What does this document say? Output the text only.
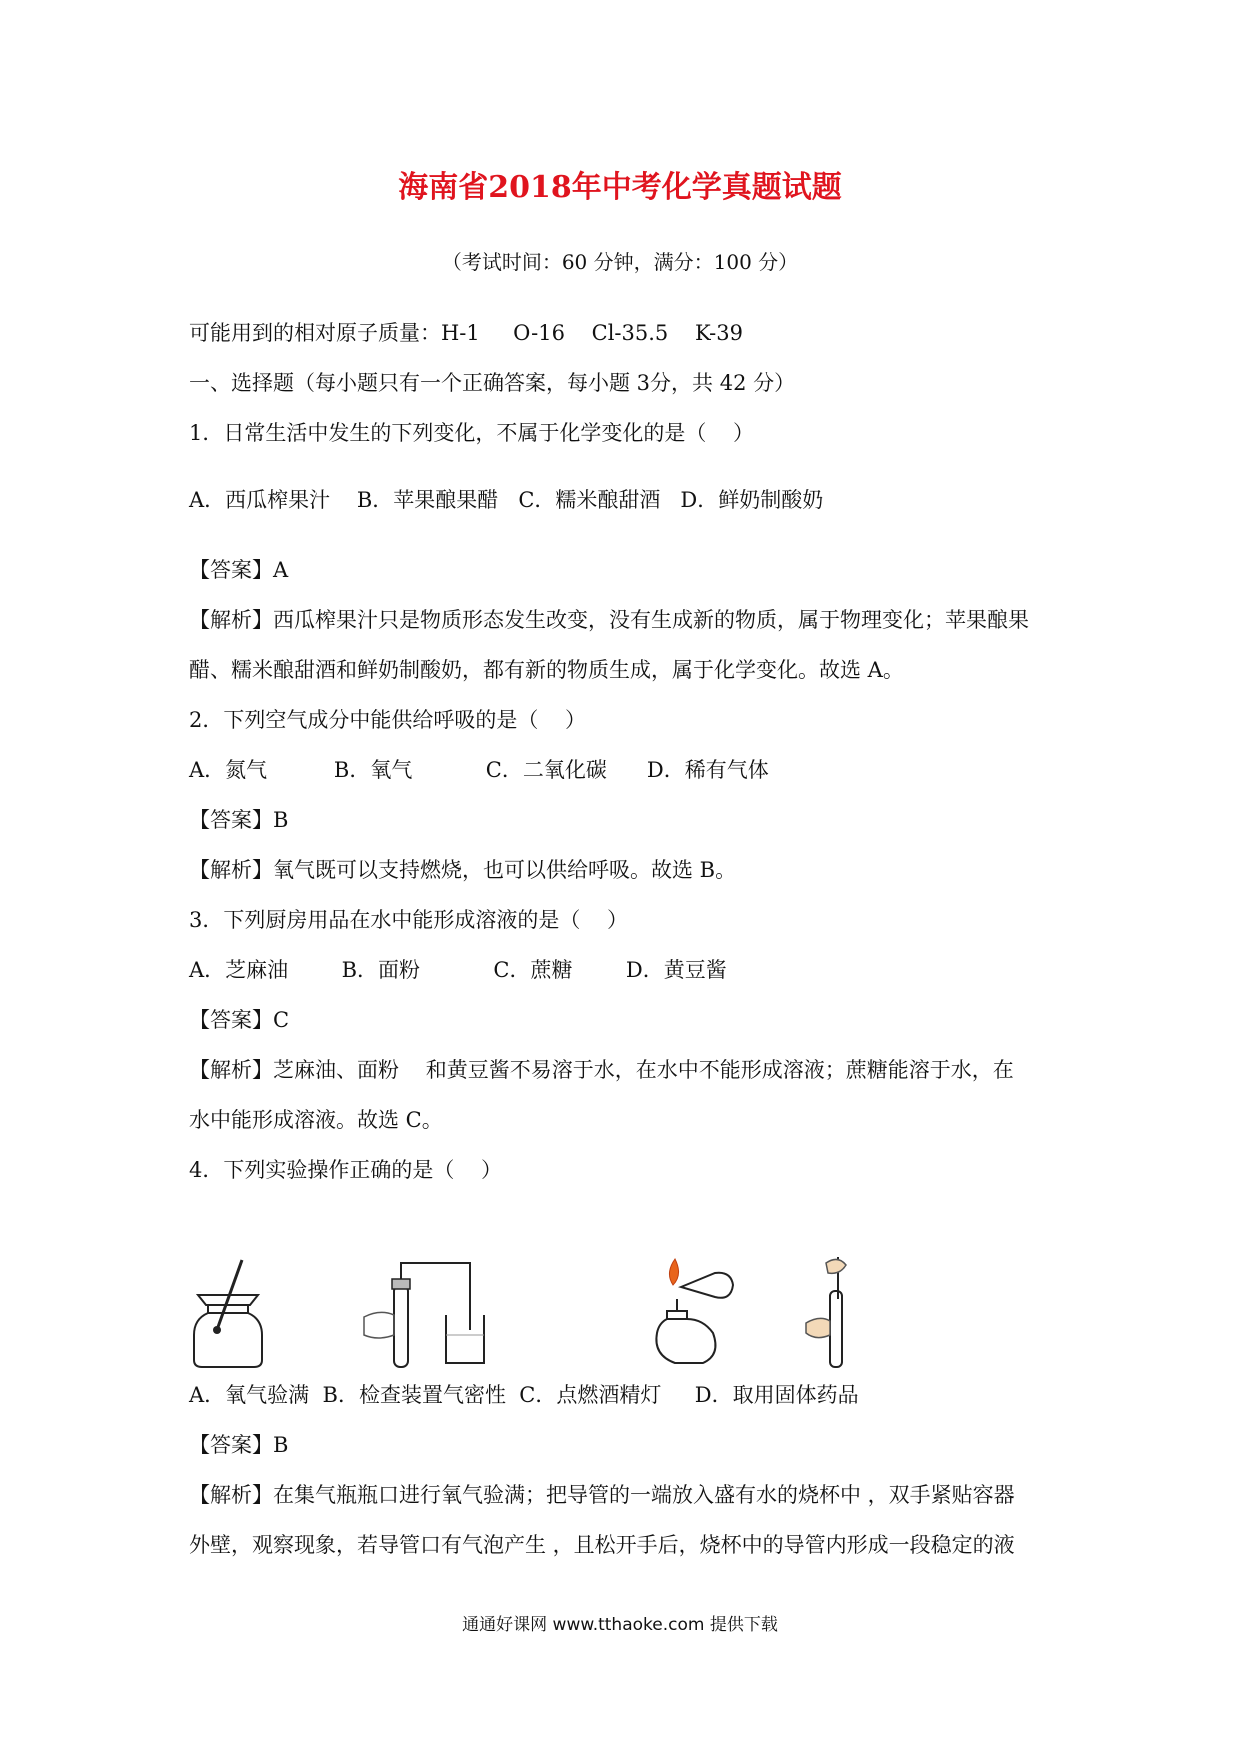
海南省2018年中考化学真题试题
（考试时间：60 分钟，满分：100 分）
可能用到的相对原子质量：H-1     O-16    Cl-35.5    K-39
一、选择题（每小题只有一个正确答案，每小题 3分，共 42 分）
1．日常生活中发生的下列变化，不属于化学变化的是（    ）
A．西瓜榨果汁    B．苹果酿果醋   C．糯米酿甜酒   D．鲜奶制酸奶
【答案】A
【解析】西瓜榨果汁只是物质形态发生改变，没有生成新的物质，属于物理变化；苹果酿果
醋、糯米酿甜酒和鲜奶制酸奶，都有新的物质生成，属于化学变化。故选 A。
2．下列空气成分中能供给呼吸的是（    ）
A．氮气          B．氧气           C．二氧化碳      D．稀有气体
【答案】B
【解析】氧气既可以支持燃烧，也可以供给呼吸。故选 B。
3．下列厨房用品在水中能形成溶液的是（    ）
A．芝麻油        B．面粉           C．蔗糖        D．黄豆酱
【答案】C
【解析】芝麻油、面粉    和黄豆酱不易溶于水，在水中不能形成溶液；蔗糖能溶于水，在
水中能形成溶液。故选 C。
4．下列实验操作正确的是（    ）
A．氧气验满  B．检查装置气密性  C．点燃酒精灯     D．取用固体药品
【答案】B
【解析】在集气瓶瓶口进行氧气验满；把导管的一端放入盛有水的烧杯中 ，双手紧贴容器
外壁，观察现象，若导管口有气泡产生 ，且松开手后，烧杯中的导管内形成一段稳定的液
通通好课网 www.tthaoke.com 提供下载
